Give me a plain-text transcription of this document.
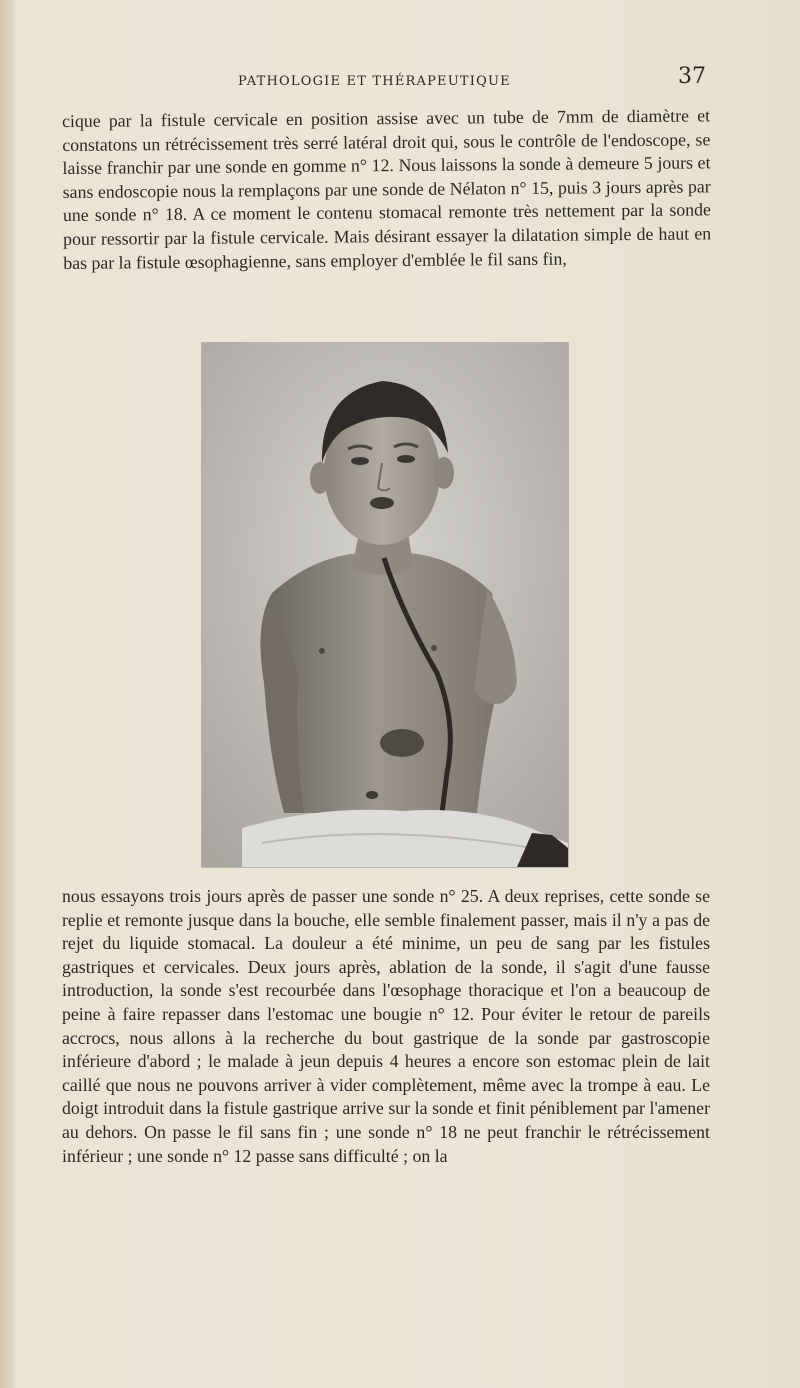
PATHOLOGIE ET THÉRAPEUTIQUE	37

cique par la fistule cervicale en position assise avec un tube de 7mm de diamètre et constatons un rétrécissement très serré latéral droit qui, sous le contrôle de l'endoscope, se laisse franchir par une sonde en gomme n° 12. Nous laissons la sonde à demeure 5 jours et sans endoscopie nous la remplaçons par une sonde de Nélaton n° 15, puis 3 jours après par une sonde n° 18. A ce moment le contenu stomacal remonte très nettement par la sonde pour ressortir par la fistule cervicale. Mais désirant essayer la dilatation simple de haut en bas par la fistule œsophagienne, sans employer d'emblée le fil sans fin,

nous essayons trois jours après de passer une sonde n° 25. A deux reprises, cette sonde se replie et remonte jusque dans la bouche, elle semble finalement passer, mais il n'y a pas de rejet du liquide stomacal. La douleur a été minime, un peu de sang par les fistules gastriques et cervicales. Deux jours après, ablation de la sonde, il s'agit d'une fausse introduction, la sonde s'est recourbée dans l'œsophage thoracique et l'on a beaucoup de peine à faire repasser dans l'estomac une bougie n° 12. Pour éviter le retour de pareils accrocs, nous allons à la recherche du bout gastrique de la sonde par gastroscopie inférieure d'abord ; le malade à jeun depuis 4 heures a encore son estomac plein de lait caillé que nous ne pouvons arriver à vider complètement, même avec la trompe à eau. Le doigt introduit dans la fistule gastrique arrive sur la sonde et finit péniblement par l'amener au dehors. On passe le fil sans fin ; une sonde n° 18 ne peut franchir le rétrécissement inférieur ; une sonde n° 12 passe sans difficulté ; on la
